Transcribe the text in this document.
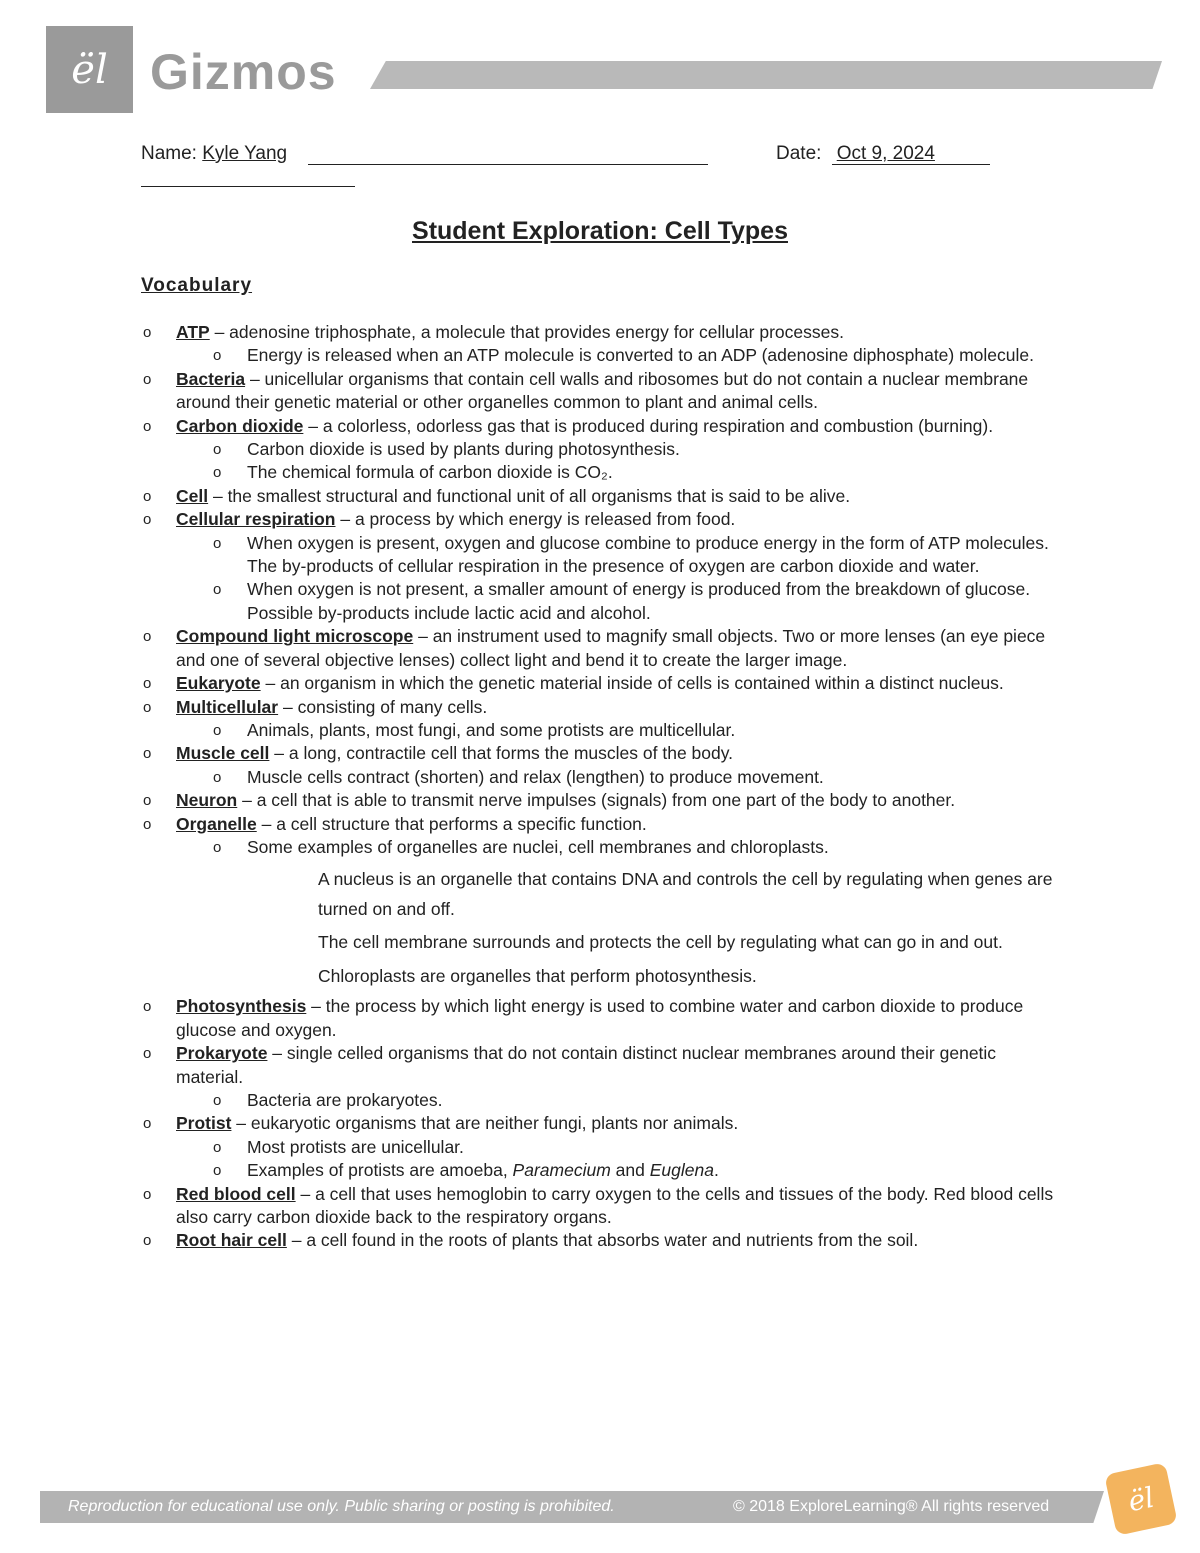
ël Gizmos
Name: Kyle Yang	Date: Oct 9, 2024
Student Exploration: Cell Types
Vocabulary
o ATP – adenosine triphosphate, a molecule that provides energy for cellular processes.
o Energy is released when an ATP molecule is converted to an ADP (adenosine diphosphate) molecule.
o Bacteria – unicellular organisms that contain cell walls and ribosomes but do not contain a nuclear membrane around their genetic material or other organelles common to plant and animal cells.
o Carbon dioxide – a colorless, odorless gas that is produced during respiration and combustion (burning).
o Carbon dioxide is used by plants during photosynthesis.
o The chemical formula of carbon dioxide is CO₂.
o Cell – the smallest structural and functional unit of all organisms that is said to be alive.
o Cellular respiration – a process by which energy is released from food.
o When oxygen is present, oxygen and glucose combine to produce energy in the form of ATP molecules. The by-products of cellular respiration in the presence of oxygen are carbon dioxide and water.
o When oxygen is not present, a smaller amount of energy is produced from the breakdown of glucose. Possible by-products include lactic acid and alcohol.
o Compound light microscope – an instrument used to magnify small objects. Two or more lenses (an eye piece and one of several objective lenses) collect light and bend it to create the larger image.
o Eukaryote – an organism in which the genetic material inside of cells is contained within a distinct nucleus.
o Multicellular – consisting of many cells.
o Animals, plants, most fungi, and some protists are multicellular.
o Muscle cell – a long, contractile cell that forms the muscles of the body.
o Muscle cells contract (shorten) and relax (lengthen) to produce movement.
o Neuron – a cell that is able to transmit nerve impulses (signals) from one part of the body to another.
o Organelle – a cell structure that performs a specific function.
o Some examples of organelles are nuclei, cell membranes and chloroplasts.
A nucleus is an organelle that contains DNA and controls the cell by regulating when genes are turned on and off.
The cell membrane surrounds and protects the cell by regulating what can go in and out.
Chloroplasts are organelles that perform photosynthesis.
o Photosynthesis – the process by which light energy is used to combine water and carbon dioxide to produce glucose and oxygen.
o Prokaryote – single celled organisms that do not contain distinct nuclear membranes around their genetic material.
o Bacteria are prokaryotes.
o Protist – eukaryotic organisms that are neither fungi, plants nor animals.
o Most protists are unicellular.
o Examples of protists are amoeba, Paramecium and Euglena.
o Red blood cell – a cell that uses hemoglobin to carry oxygen to the cells and tissues of the body. Red blood cells also carry carbon dioxide back to the respiratory organs.
o Root hair cell – a cell found in the roots of plants that absorbs water and nutrients from the soil.
Reproduction for educational use only. Public sharing or posting is prohibited.	© 2018 ExploreLearning® All rights reserved	ël
